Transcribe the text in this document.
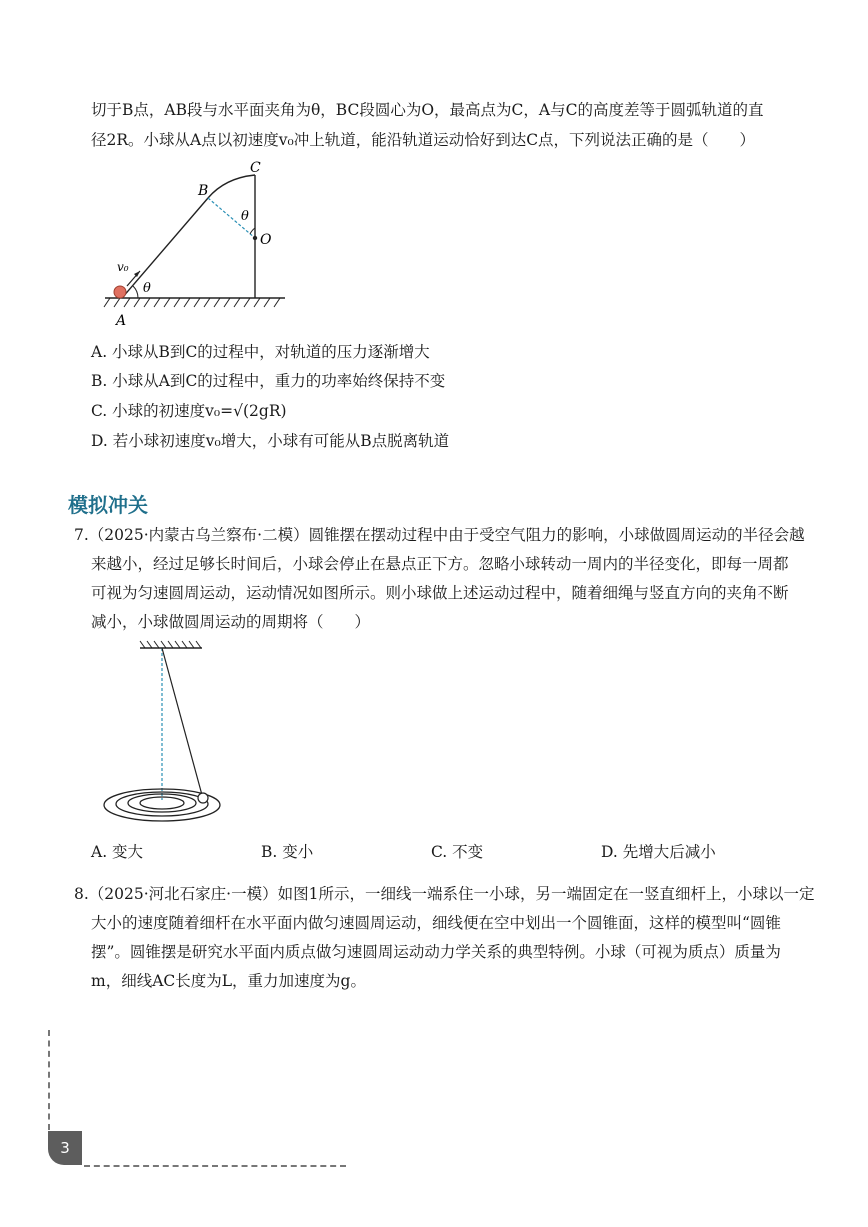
切于B点，AB段与水平面夹角为θ，BC段圆心为O，最高点为C，A与C的高度差等于圆弧轨道的直
径2R。小球从A点以初速度v₀冲上轨道，能沿轨道运动恰好到达C点，下列说法正确的是（　　）
A
B
C
O
θ
θ
v₀
A. 小球从B到C的过程中，对轨道的压力逐渐增大
B. 小球从A到C的过程中，重力的功率始终保持不变
C. 小球的初速度v₀=√(2gR)
D. 若小球初速度v₀增大，小球有可能从B点脱离轨道
模拟冲关
7.（2025·内蒙古乌兰察布·二模）圆锥摆在摆动过程中由于受空气阻力的影响，小球做圆周运动的半径会越
来越小，经过足够长时间后，小球会停止在悬点正下方。忽略小球转动一周内的半径变化，即每一周都
可视为匀速圆周运动，运动情况如图所示。则小球做上述运动过程中，随着细绳与竖直方向的夹角不断
减小，小球做圆周运动的周期将（　　）
A. 变大	B. 变小	C. 不变	D. 先增大后减小
8.（2025·河北石家庄·一模）如图1所示，一细线一端系住一小球，另一端固定在一竖直细杆上，小球以一定
大小的速度随着细杆在水平面内做匀速圆周运动，细线便在空中划出一个圆锥面，这样的模型叫“圆锥
摆”。圆锥摆是研究水平面内质点做匀速圆周运动动力学关系的典型特例。小球（可视为质点）质量为
m，细线AC长度为L，重力加速度为g。
3
